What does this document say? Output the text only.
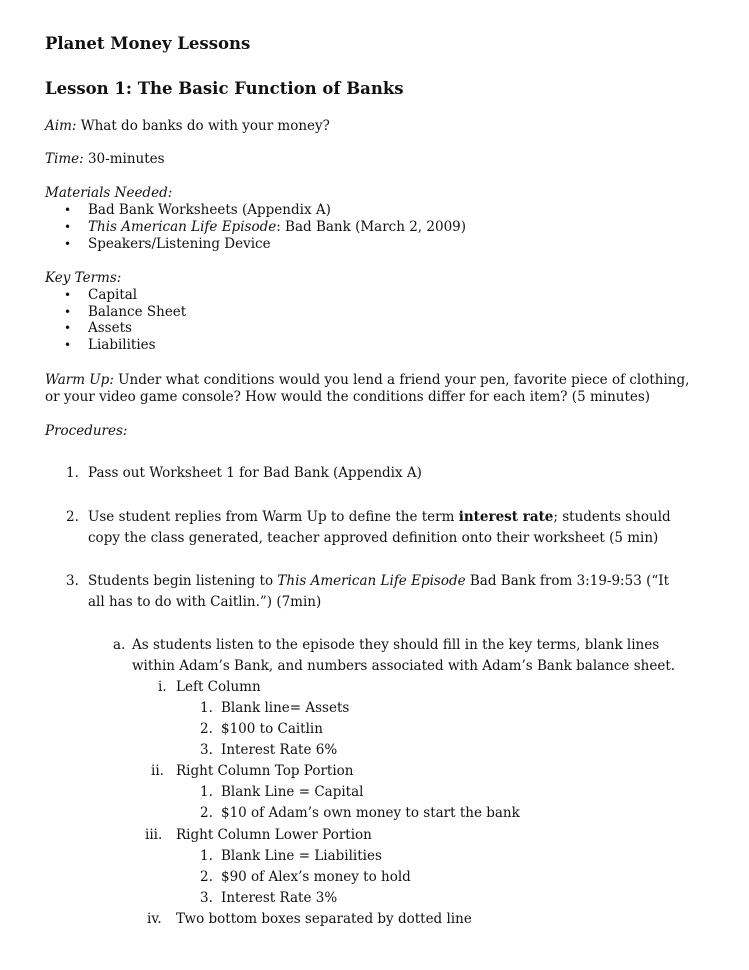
Planet Money Lessons
Lesson 1: The Basic Function of Banks
Aim: What do banks do with your money?
Time: 30-minutes
Materials Needed:
• Bad Bank Worksheets (Appendix A)
• This American Life Episode: Bad Bank (March 2, 2009)
• Speakers/Listening Device
Key Terms:
• Capital
• Balance Sheet
• Assets
• Liabilities
Warm Up: Under what conditions would you lend a friend your pen, favorite piece of clothing,
or your video game console? How would the conditions differ for each item? (5 minutes)
Procedures:
1. Pass out Worksheet 1 for Bad Bank (Appendix A)
2. Use student replies from Warm Up to define the term interest rate; students should
copy the class generated, teacher approved definition onto their worksheet (5 min)
3. Students begin listening to This American Life Episode Bad Bank from 3:19-9:53 (“It
all has to do with Caitlin.”) (7min)
a. As students listen to the episode they should fill in the key terms, blank lines
within Adam’s Bank, and numbers associated with Adam’s Bank balance sheet.
i. Left Column
1. Blank line= Assets
2. $100 to Caitlin
3. Interest Rate 6%
ii. Right Column Top Portion
1. Blank Line = Capital
2. $10 of Adam’s own money to start the bank
iii. Right Column Lower Portion
1. Blank Line = Liabilities
2. $90 of Alex’s money to hold
3. Interest Rate 3%
iv. Two bottom boxes separated by dotted line
